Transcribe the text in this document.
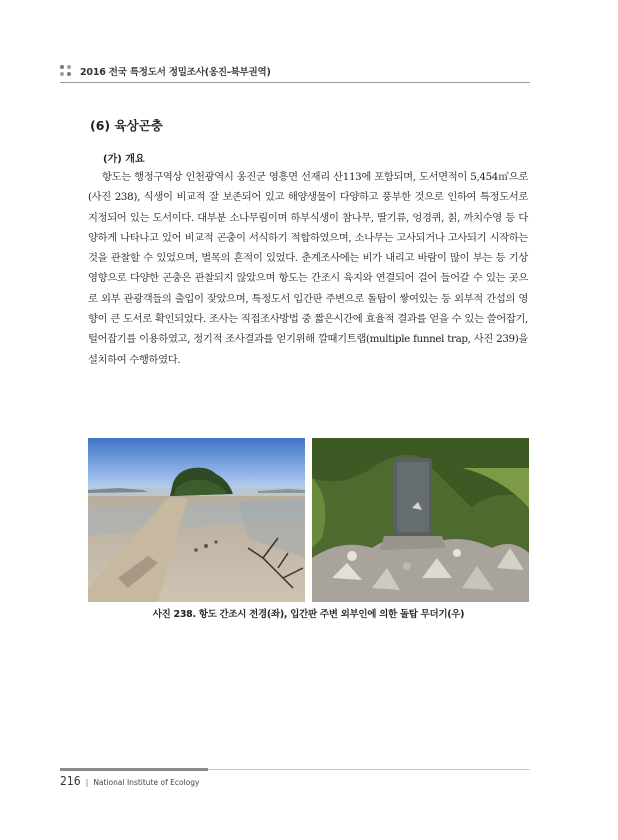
2016 전국 특정도서 정밀조사(옹진-북부권역)
(6) 육상곤충
(가) 개요

항도는 행정구역상 인천광역시 옹진군 영흥면 선재리 산113에 포함되며, 도서면적이 5,454㎡으로(사진 238), 식생이 비교적 잘 보존되어 있고 해양생물이 다양하고 풍부한 것으로 인하여 특정도서로 지정되어 있는 도서이다. 대부분 소나무림이며 하부식생이 참나무, 딸기류, 엉경퀴, 칡, 까치수영 등 다양하게 나타나고 있어 비교적 곤충이 서식하기 적합하였으며, 소나무는 고사되거나 고사되기 시작하는 것을 관찰할 수 있었으며, 벌목의 흔적이 있었다. 춘계조사에는 비가 내리고 바람이 많이 부는 등 기상 영향으로 다양한 곤충은 관찰되지 않았으며 항도는 간조시 육지와 연결되어 걸어 들어갈 수 있는 곳으로 외부 관광객들의 출입이 잦았으며, 특정도서 입간판 주변으로 돌탑이 쌓여있는 등 외부적 간섭의 영향이 큰 도서로 확인되었다. 조사는 직접조사방법 중 짧은시간에 효율적 결과를 얻을 수 있는 쓸어잡기, 털어잡기를 이용하였고, 정기적 조사결과를 얻기위해 깔때기트랩(multiple funnel trap, 사진 239)을 설치하여 수행하였다.

사진 238. 항도 간조시 전경(좌), 입간판 주변 외부인에 의한 돌탑 무더기(우)
216 | National Institute of Ecology
